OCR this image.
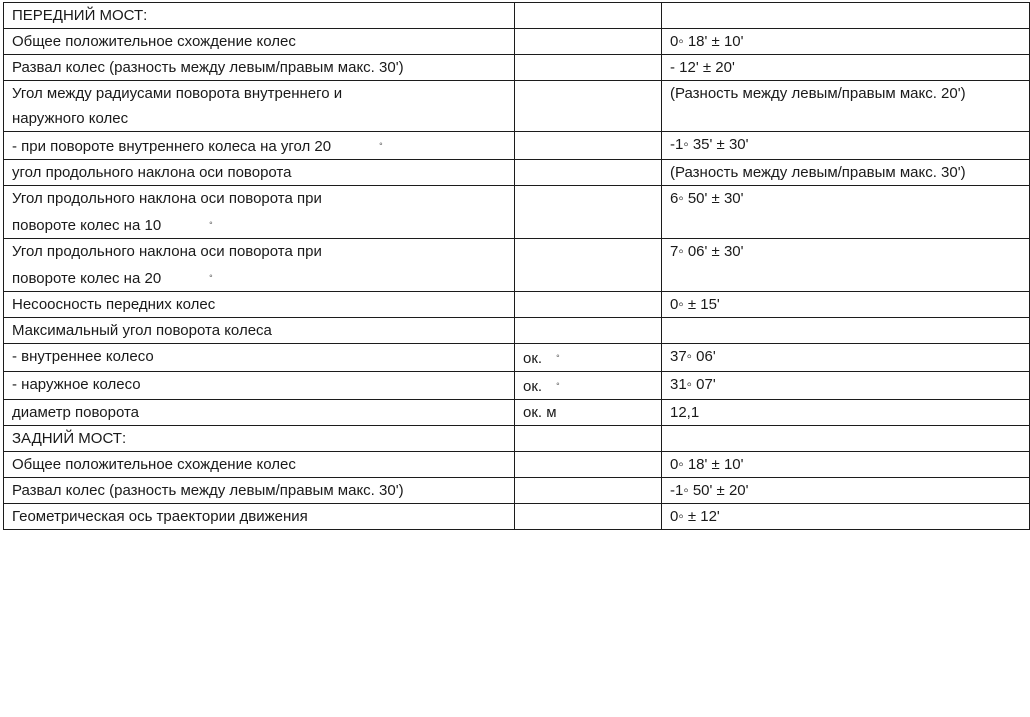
ПЕРЕДНИЙ МОСТ:		
Общее положительное схождение колес		0◦ 18' ± 10'
Развал колес (разность между левым/правым макс. 30')		- 12' ± 20'

Угол между радиусами поворота внутреннего и
наружного колес		(Разность между левым/правым макс. 20')
- при повороте внутреннего колеса на угол 20 ◦		-1◦ 35' ± 30'
угол продольного наклона оси поворота		(Разность между левым/правым макс. 30')

Угол продольного наклона оси поворота при
повороте колес на 10 ◦		6◦ 50' ± 30'

Угол продольного наклона оси поворота при
повороте колес на 20 ◦		7◦ 06' ± 30'
Несоосность передних колес		0◦ ± 15'
Максимальный угол поворота колеса		
- внутреннее колесо	ок. ◦	37◦ 06'
- наружное колесо	ок. ◦	31◦ 07'
диаметр поворота	ок. м	12,1
ЗАДНИЙ МОСТ:		
Общее положительное схождение колес		0◦ 18' ± 10'
Развал колес (разность между левым/правым макс. 30')		-1◦ 50' ± 20'
Геометрическая ось траектории движения		0◦ ± 12'
